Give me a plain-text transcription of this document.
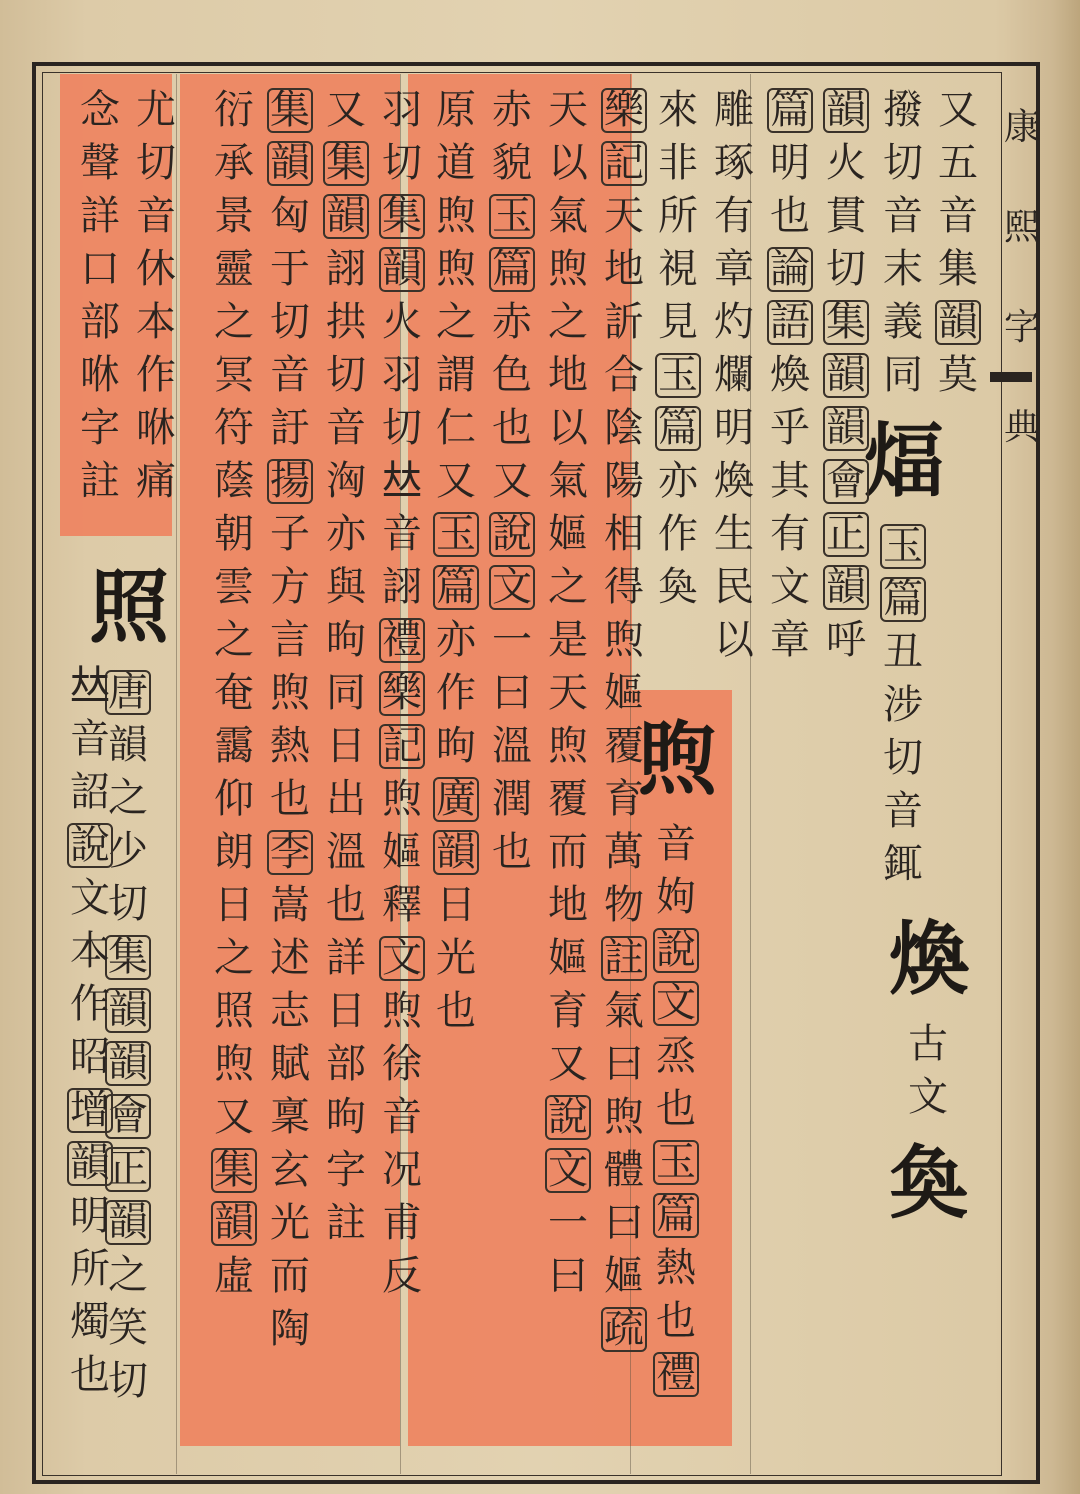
康
熙
字
典
又
五
音
集
韻
莫
撥
切
音
末
義
同
煏
玉
篇
丑
涉
切
音
銸
韻
火
貫
切
集
韻
韻
會
正
韻
呼
篇
明
也
論
語
煥
乎
其
有
文
章
雕
琢
有
章
灼
爛
明
煥
生
民
以
來
非
所
視
見
玉
篇
亦
作
奐
樂
記
天
地
訢
合
陰
陽
相
得
煦
嫗
覆
育
萬
物
註
氣
曰
煦
體
曰
嫗
疏
天
以
氣
煦
之
地
以
氣
嫗
之
是
天
煦
覆
而
地
嫗
育
又
說
文
一
曰
赤
貌
玉
篇
赤
色
也
又
說
文
一
曰
溫
潤
也
原
道
煦
煦
之
謂
仁
又
玉
篇
亦
作
昫
廣
韻
日
光
也
羽
切
集
韻
火
羽
切
𠀤
音
詡
禮
樂
記
煦
嫗
釋
文
煦
徐
音
况
甫
反
又
集
韻
詡
拱
切
音
洶
亦
與
昫
同
日
出
溫
也
詳
日
部
昫
字
註
集
韻
匈
于
切
音
訏
揚
子
方
言
煦
熱
也
李
嵩
述
志
賦
稟
玄
光
而
陶
衍
承
景
靈
之
冥
符
蔭
朝
雲
之
奄
靄
仰
朗
日
之
照
煦
又
集
韻
虛
尤
切
音
休
本
作
咻
痛
念
聲
詳
口
部
咻
字
註
照
唐
韻
之
少
切
集
韻
韻
會
正
韻
之
笑
切
𠀤
音
詔
說
文
本
作
昭
增
韻
明
所
燭
也
煥
古
文
奐
煦
音
姁
說
文
烝
也
玉
篇
熱
也
禮
